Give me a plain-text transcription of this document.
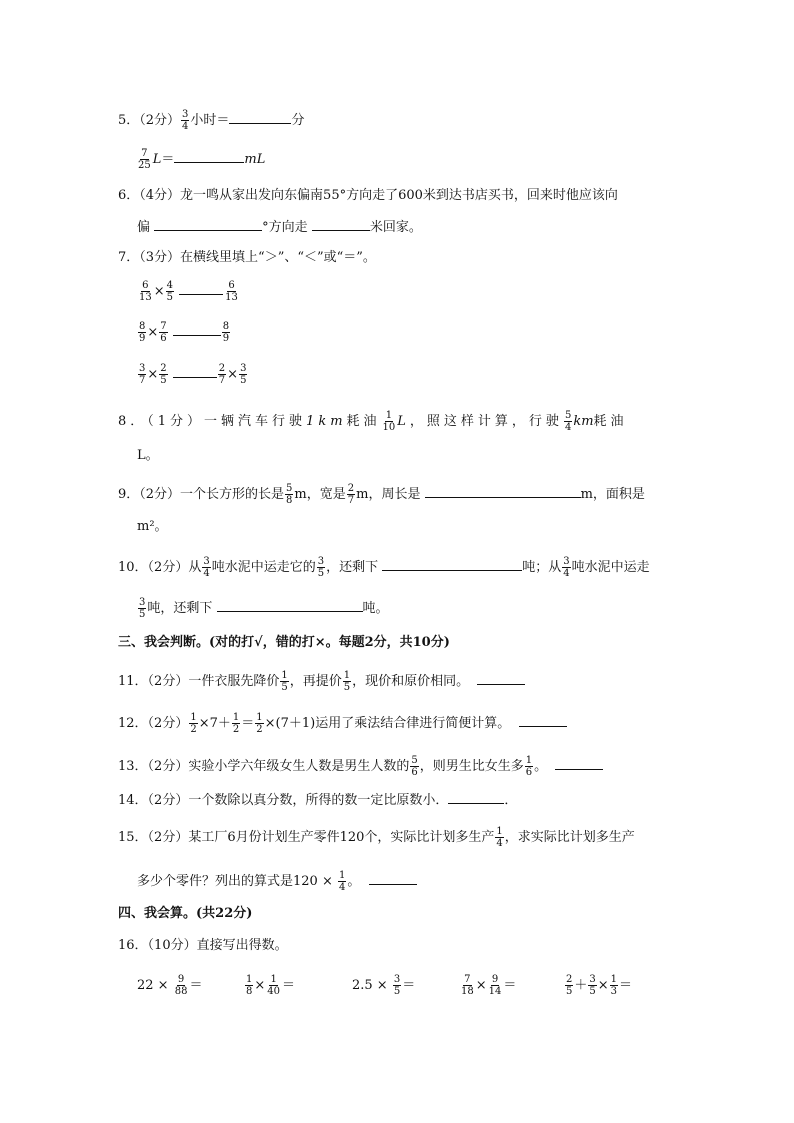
5．（2分） $\frac{3}{4}$ 小时＝	分
$\frac{7}{25} L=$	mL
6．（4分）龙一鸣从家出发向东偏南55°方向走了600米到达书店买书，回来时他应该向
偏	°方向走	米回家。
7．（3分）在横线里填上“＞”、“＜”或“＝”。
$\frac{6}{13} \times \frac{4}{5}$
	$\frac{6}{13}$
$\frac{8}{9} \times \frac{7}{6}$
	$\frac{8}{9}$
$\frac{3}{7} \times \frac{2}{5}$
	$\frac{2}{7} \times \frac{3}{5}$
8．（1分）一辆汽车行驶1km耗油 $\frac{1}{10}$ L，照这样计算，行驶 $\frac{5}{4}$ km耗油
L。
9．（2分）一个长方形的长是 $\frac{5}{8}$ m，宽是 $\frac{2}{7}$ m，周长是	m，面积是
m²。
10．（2分）从 $\frac{3}{4}$ 吨水泥中运走它的 $\frac{3}{5}$ ，还剩下	吨；从 $\frac{3}{4}$ 吨水泥中运走
$\frac{3}{5}$ 吨，还剩下	吨。
三、我会判断。(对的打√，错的打×。每题2分，共10分)
11．（2分）一件衣服先降价 $\frac{1}{5}$ ，再提价 $\frac{1}{5}$ ，现价和原价相同。
12．（2分） $\frac{1}{2} \times 7+ \frac{1}{2} = \frac{1}{2} \times(7+1)$运用了乘法结合律进行简便计算。
13．（2分）实验小学六年级女生人数是男生人数的 $\frac{5}{6}$ ，则男生比女生多 $\frac{1}{6}$ 。
14．（2分）一个数除以真分数，所得的数一定比原数小．	．
15．（2分）某工厂6月份计划生产零件120个，实际比计划多生产 $\frac{1}{4}$ ，求实际比计划多生产
多少个零件？列出的算式是$120 \times \frac{1}{4}$ 。
四、我会算。(共22分)
16．（10分）直接写出得数。
$22 \times \frac{9}{88}$ ＝	$\frac{1}{8} \times \frac{1}{40}$ ＝	$2.5 \times \frac{3}{5}$ ＝	$\frac{7}{18} \times \frac{9}{14}$ ＝	$\frac{2}{5} + \frac{3}{5} \times \frac{1}{3}$ ＝
